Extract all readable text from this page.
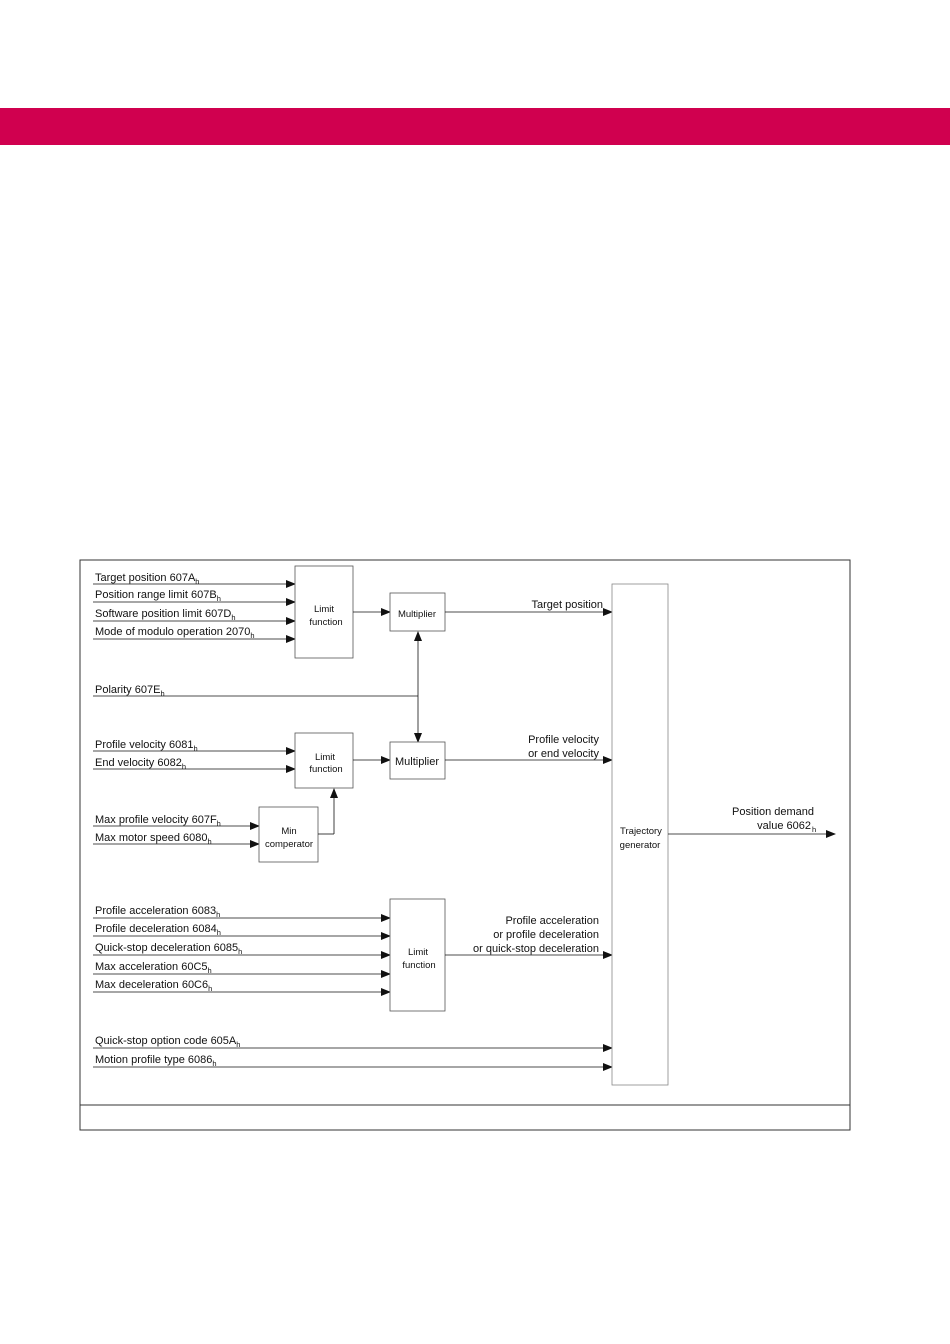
Target position $607A_h$
Position range limit $607B_h$
Software position limit $607D_h$
Mode of modulo operation $2070_h$
Limit
function
Multiplier
Target position
Polarity $607E_h$
Profile velocity $6081_h$
End velocity $6082_h$
Limit
function
Multiplier
Profile velocity
or end velocity
Max profile velocity $607F_h$
Max motor speed $6080_h$
Min
comperator
Profile acceleration $6083_h$
Profile deceleration $6084_h$
Quick-stop deceleration $6085_h$
Max acceleration $60C5_h$
Max deceleration $60C6_h$
Limit
function
Profile acceleration
or profile deceleration
or quick-stop deceleration
Quick-stop option code $605A_h$
Motion profile type $6086_h$
Trajectory
generator
Position demand
value 6062 h
